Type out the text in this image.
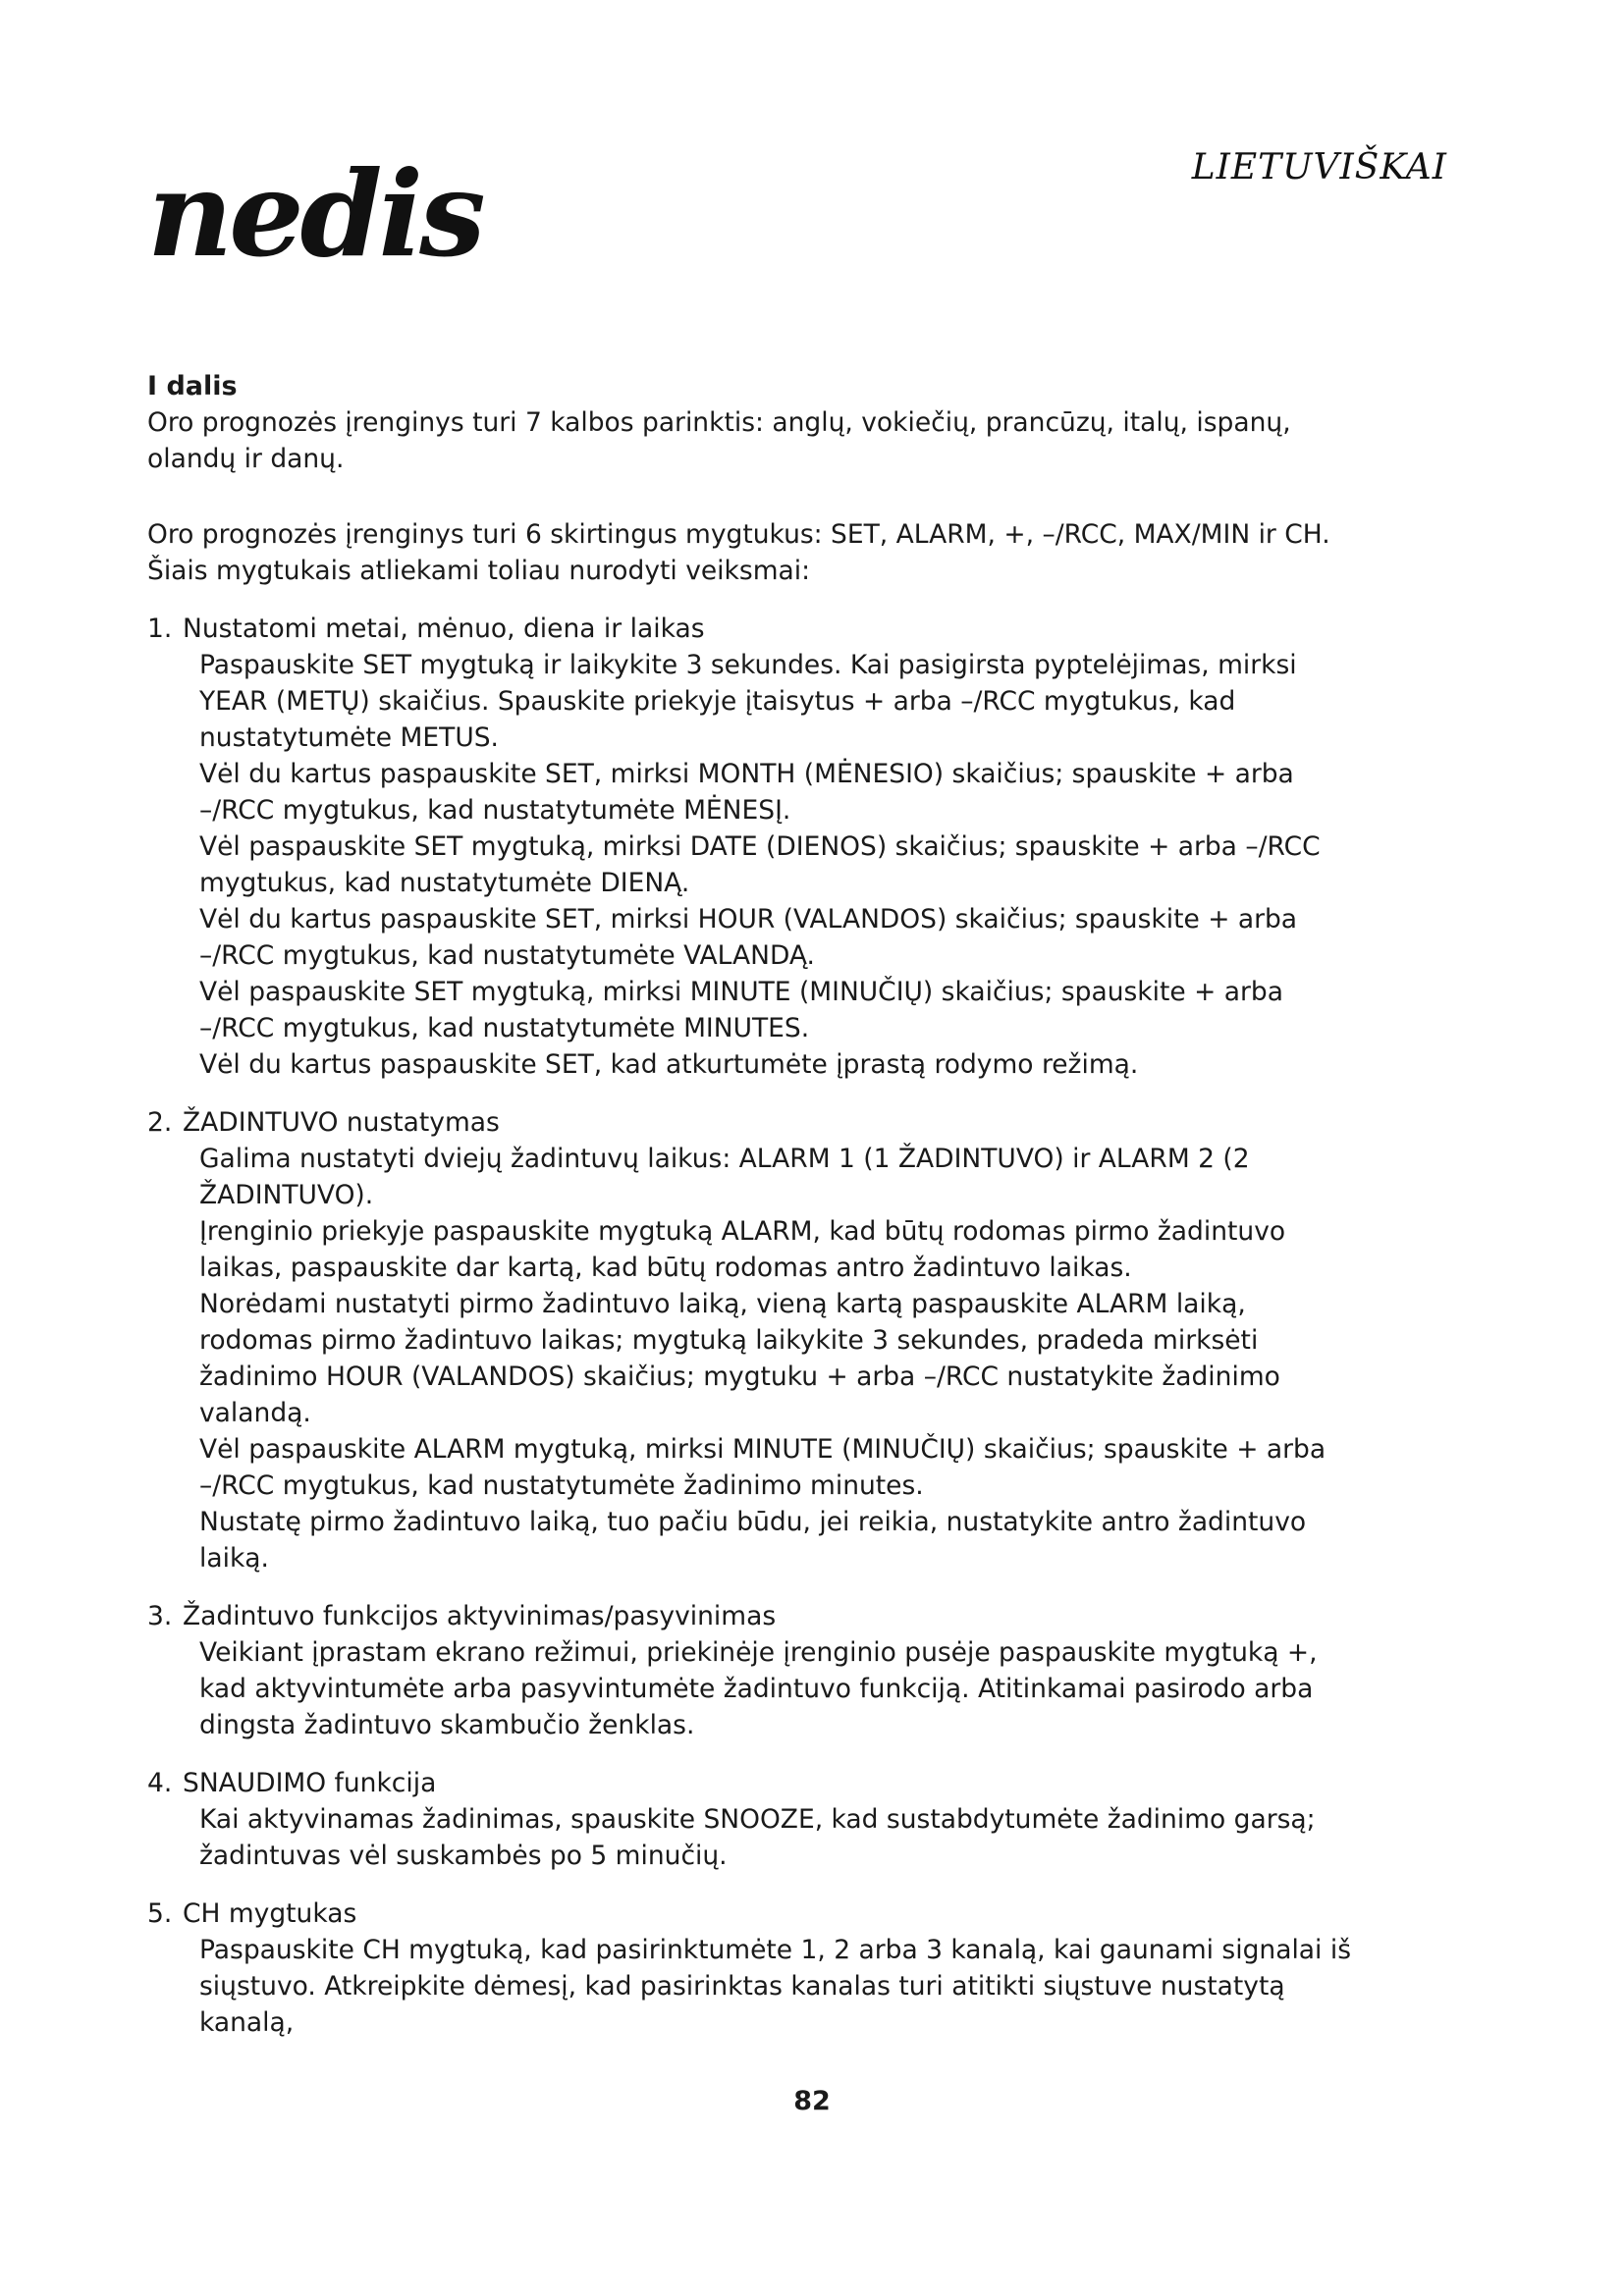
nedis	LIETUVIŠKAI

I dalis

Oro prognozės įrenginys turi 7 kalbos parinktis: anglų, vokiečių, prancūzų, italų, ispanų, olandų ir danų.

Oro prognozės įrenginys turi 6 skirtingus mygtukus: SET, ALARM, +, –/RCC, MAX/MIN ir CH. Šiais mygtukais atliekami toliau nurodyti veiksmai:

1. Nustatomi metai, mėnuo, diena ir laikas

Paspauskite SET mygtuką ir laikykite 3 sekundes. Kai pasigirsta pyptelėjimas, mirksi YEAR (METŲ) skaičius. Spauskite priekyje įtaisytus + arba –/RCC mygtukus, kad nustatytumėte METUS.

Vėl du kartus paspauskite SET, mirksi MONTH (MĖNESIO) skaičius; spauskite + arba –/RCC mygtukus, kad nustatytumėte MĖNESĮ.

Vėl paspauskite SET mygtuką, mirksi DATE (DIENOS) skaičius; spauskite + arba –/RCC mygtukus, kad nustatytumėte DIENĄ.

Vėl du kartus paspauskite SET, mirksi HOUR (VALANDOS) skaičius; spauskite + arba –/RCC mygtukus, kad nustatytumėte VALANDĄ.

Vėl paspauskite SET mygtuką, mirksi MINUTE (MINUČIŲ) skaičius; spauskite + arba –/RCC mygtukus, kad nustatytumėte MINUTES.

Vėl du kartus paspauskite SET, kad atkurtumėte įprastą rodymo režimą.

2. ŽADINTUVO nustatymas

Galima nustatyti dviejų žadintuvų laikus: ALARM 1 (1 ŽADINTUVO) ir ALARM 2 (2 ŽADINTUVO).

Įrenginio priekyje paspauskite mygtuką ALARM, kad būtų rodomas pirmo žadintuvo laikas, paspauskite dar kartą, kad būtų rodomas antro žadintuvo laikas.

Norėdami nustatyti pirmo žadintuvo laiką, vieną kartą paspauskite ALARM laiką, rodomas pirmo žadintuvo laikas; mygtuką laikykite 3 sekundes, pradeda mirksėti žadinimo HOUR (VALANDOS) skaičius; mygtuku + arba –/RCC nustatykite žadinimo valandą.

Vėl paspauskite ALARM mygtuką, mirksi MINUTE (MINUČIŲ) skaičius; spauskite + arba –/RCC mygtukus, kad nustatytumėte žadinimo minutes.

Nustatę pirmo žadintuvo laiką, tuo pačiu būdu, jei reikia, nustatykite antro žadintuvo laiką.

3. Žadintuvo funkcijos aktyvinimas/pasyvinimas

Veikiant įprastam ekrano režimui, priekinėje įrenginio pusėje paspauskite mygtuką +, kad aktyvintumėte arba pasyvintumėte žadintuvo funkciją. Atitinkamai pasirodo arba dingsta žadintuvo skambučio ženklas.

4. SNAUDIMO funkcija

Kai aktyvinamas žadinimas, spauskite SNOOZE, kad sustabdytumėte žadinimo garsą; žadintuvas vėl suskambės po 5 minučių.

5. CH mygtukas

Paspauskite CH mygtuką, kad pasirinktumėte 1, 2 arba 3 kanalą, kai gaunami signalai iš siųstuvo. Atkreipkite dėmesį, kad pasirinktas kanalas turi atitikti siųstuve nustatytą kanalą,

82
